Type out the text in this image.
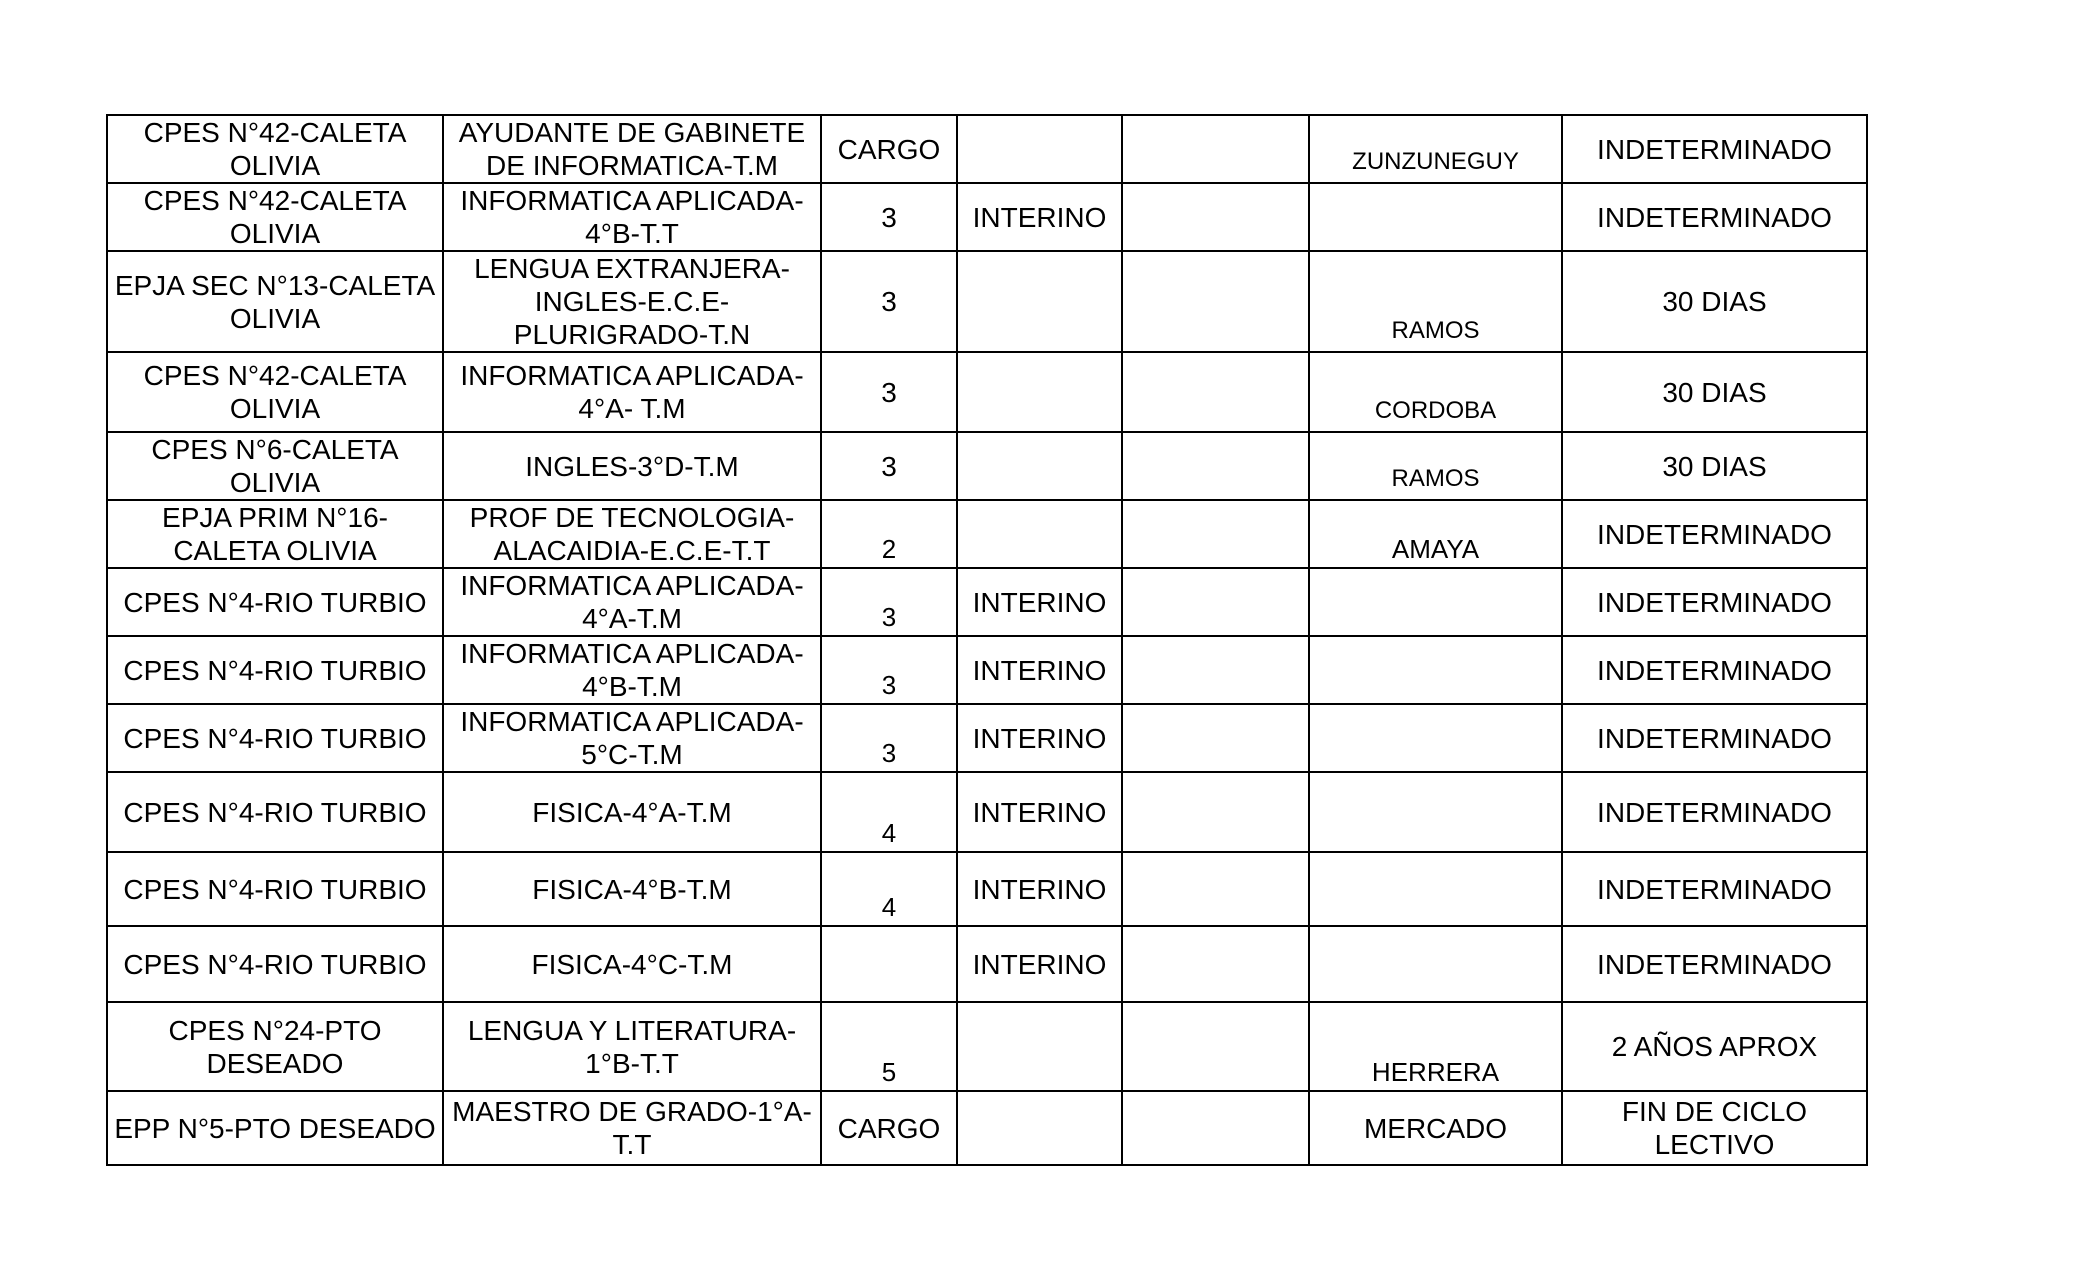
CPES N°42-CALETA OLIVIA	AYUDANTE DE GABINETE DE INFORMATICA-T.M	CARGO			ZUNZUNEGUY	INDETERMINADO
CPES N°42-CALETA OLIVIA	INFORMATICA APLICADA-4°B-T.T	3	INTERINO			INDETERMINADO
EPJA SEC N°13-CALETA OLIVIA	LENGUA EXTRANJERA-INGLES-E.C.E-PLURIGRADO-T.N	3			RAMOS	30 DIAS
CPES N°42-CALETA OLIVIA	INFORMATICA APLICADA-4°A- T.M	3			CORDOBA	30 DIAS
CPES N°6-CALETA OLIVIA	INGLES-3°D-T.M	3			RAMOS	30 DIAS
EPJA PRIM N°16-CALETA OLIVIA	PROF DE TECNOLOGIA-ALACAIDIA-E.C.E-T.T	2			AMAYA	INDETERMINADO
CPES N°4-RIO TURBIO	INFORMATICA APLICADA-4°A-T.M	3	INTERINO			INDETERMINADO
CPES N°4-RIO TURBIO	INFORMATICA APLICADA-4°B-T.M	3	INTERINO			INDETERMINADO
CPES N°4-RIO TURBIO	INFORMATICA APLICADA-5°C-T.M	3	INTERINO			INDETERMINADO
CPES N°4-RIO TURBIO	FISICA-4°A-T.M	4	INTERINO			INDETERMINADO
CPES N°4-RIO TURBIO	FISICA-4°B-T.M	4	INTERINO			INDETERMINADO
CPES N°4-RIO TURBIO	FISICA-4°C-T.M		INTERINO			INDETERMINADO
CPES N°24-PTO DESEADO	LENGUA Y LITERATURA-1°B-T.T	5			HERRERA	2 AÑOS APROX
EPP N°5-PTO DESEADO	MAESTRO DE GRADO-1°A-T.T	CARGO			MERCADO	FIN DE CICLO LECTIVO
